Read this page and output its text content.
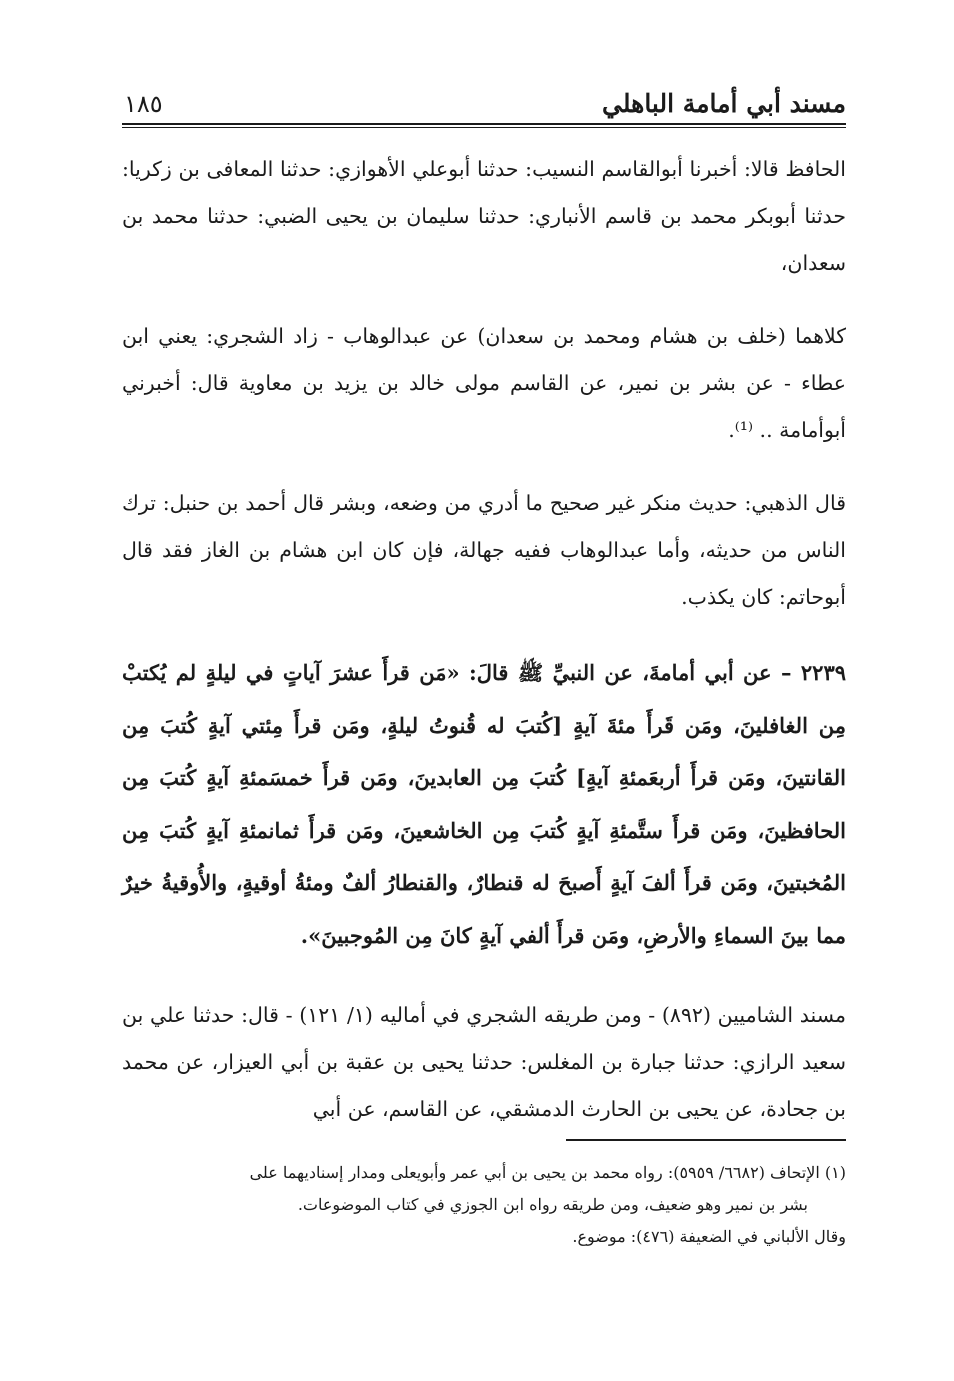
مسند أبي أمامة الباهلي
١٨٥

الحافظ قالا: أخبرنا أبوالقاسم النسيب: حدثنا أبوعلي الأهوازي: حدثنا المعافى بن زكريا: حدثنا أبوبكر محمد بن قاسم الأنباري: حدثنا سليمان بن يحيى الضبي: حدثنا محمد بن سعدان،

كلاهما (خلف بن هشام ومحمد بن سعدان) عن عبدالوهاب - زاد الشجري: يعني ابن عطاء - عن بشر بن نمير، عن القاسم مولى خالد بن يزيد بن معاوية قال: أخبرني أبوأمامة .. ⁽¹⁾.

قال الذهبي: حديث منكر غير صحيح ما أدري من وضعه، وبشر قال أحمد بن حنبل: ترك الناس من حديثه، وأما عبدالوهاب ففيه جهالة، فإن كان ابن هشام بن الغاز فقد قال أبوحاتم: كان يكذب.

٢٢٣٩ – عن أبي أمامةَ، عن النبيِّ ﷺ قالَ: «مَن قرأَ عشرَ آياتٍ في ليلةٍ لم يُكتبْ مِن الغافلينَ، ومَن قَرأَ مئةَ آيةٍ [كُتبَ له قُنوتُ ليلةٍ، ومَن قرأَ مِئتي آيةٍ كُتبَ مِن القانتينَ، ومَن قرأَ أربعَمئةِ آيةٍ] كُتبَ مِن العابدينَ، ومَن قرأَ خمسَمئةِ آيةٍ كُتبَ مِن الحافظينَ، ومَن قرأَ ستَّمئةِ آيةٍ كُتبَ مِن الخاشعينَ، ومَن قرأَ ثمانمئةِ آيةٍ كُتبَ مِن المُخبتينَ، ومَن قرأَ ألفَ آيةٍ أَصبحَ له قنطارٌ، والقنطارُ ألفٌ ومئةُ أوقيةٍ، والأُوقيةُ خيرٌ مما بينَ السماءِ والأرضِ، ومَن قرأَ ألفي آيةٍ كانَ مِن المُوجبينَ».

مسند الشاميين (٨٩٢) - ومن طريقه الشجري في أماليه (١/ ١٢١) - قال: حدثنا علي بن سعيد الرازي: حدثنا جبارة بن المغلس: حدثنا يحيى بن عقبة بن أبي العيزار، عن محمد بن جحادة، عن يحيى بن الحارث الدمشقي، عن القاسم، عن أبي

(١) الإتحاف (٦٦٨٢/ ٥٩٥٩): رواه محمد بن يحيى بن أبي عمر وأبويعلى ومدار إسناديهما على

بشر بن نمير وهو ضعيف، ومن طريقه رواه ابن الجوزي في كتاب الموضوعات.

وقال الألباني في الضعيفة (٤٧٦): موضوع.
